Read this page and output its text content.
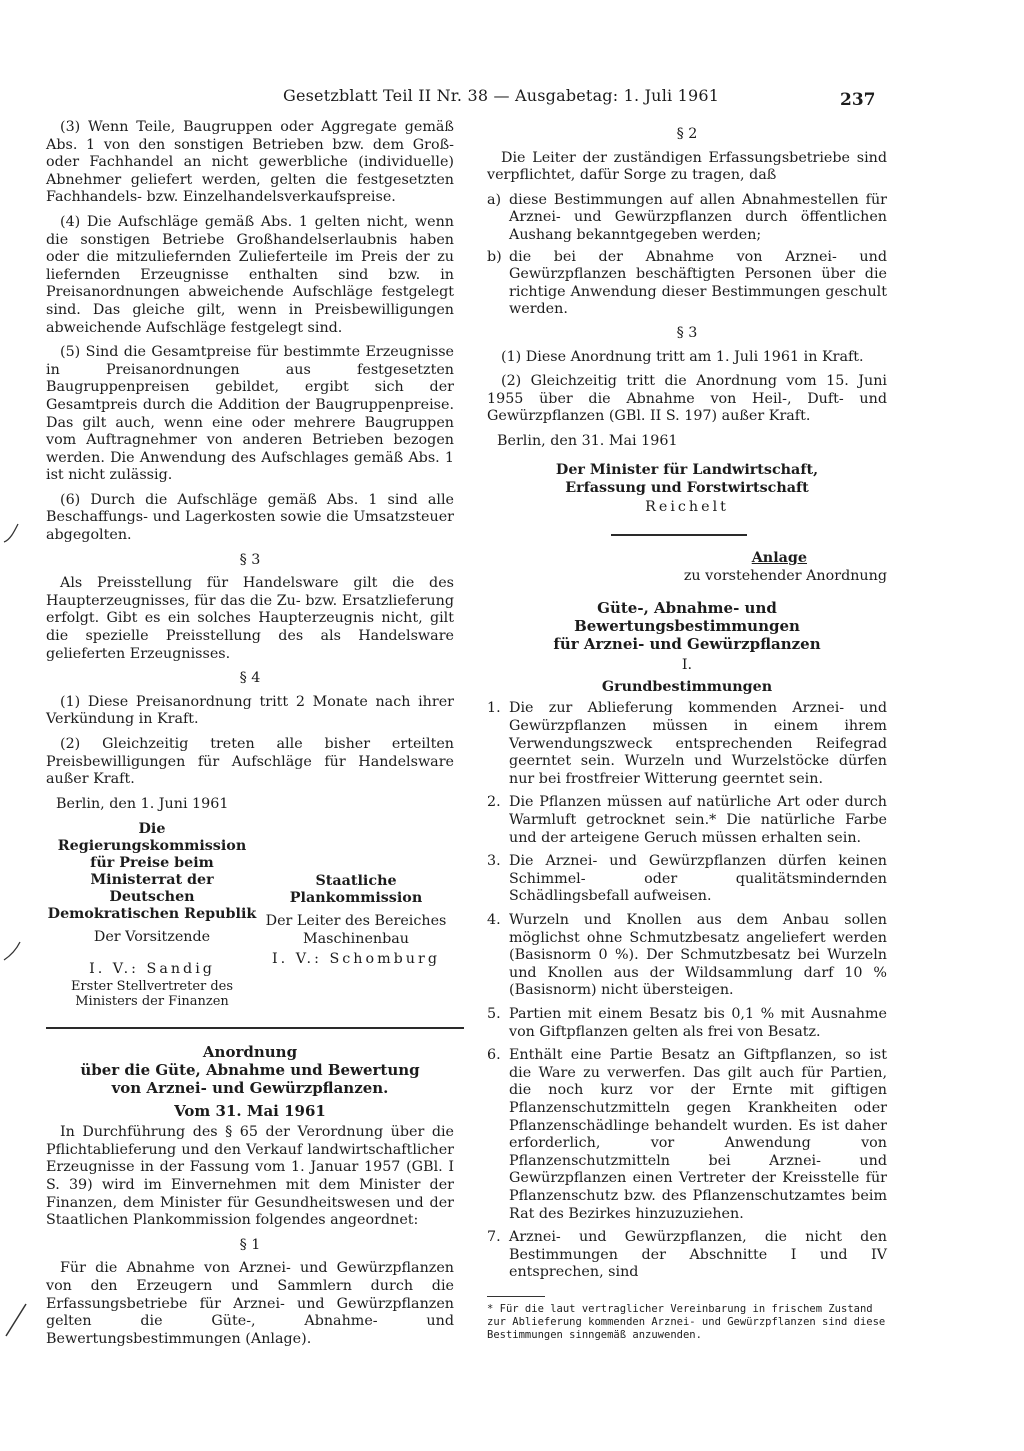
Gesetzblatt Teil II Nr. 38 — Ausgabetag: 1. Juli 1961	237

(3) Wenn Teile, Baugruppen oder Aggregate gemäß Abs. 1 von den sonstigen Betrieben bzw. dem Groß- oder Fachhandel an nicht gewerbliche (individuelle) Abnehmer geliefert werden, gelten die festgesetzten Fachhandels- bzw. Einzelhandelsverkaufspreise.

(4) Die Aufschläge gemäß Abs. 1 gelten nicht, wenn die sonstigen Betriebe Großhandelserlaubnis haben oder die mitzuliefernden Zulieferteile im Preis der zu liefernden Erzeugnisse enthalten sind bzw. in Preisanordnungen abweichende Aufschläge festgelegt sind. Das gleiche gilt, wenn in Preisbewilligungen abweichende Aufschläge festgelegt sind.

(5) Sind die Gesamtpreise für bestimmte Erzeugnisse in Preisanordnungen aus festgesetzten Baugruppenpreisen gebildet, ergibt sich der Gesamtpreis durch die Addition der Baugruppenpreise. Das gilt auch, wenn eine oder mehrere Baugruppen vom Auftragnehmer von anderen Betrieben bezogen werden. Die Anwendung des Aufschlages gemäß Abs. 1 ist nicht zulässig.

(6) Durch die Aufschläge gemäß Abs. 1 sind alle Beschaffungs- und Lagerkosten sowie die Umsatzsteuer abgegolten.

§ 3

Als Preisstellung für Handelsware gilt die des Haupterzeugnisses, für das die Zu- bzw. Ersatzlieferung erfolgt. Gibt es ein solches Haupterzeugnis nicht, gilt die spezielle Preisstellung des als Handelsware gelieferten Erzeugnisses.

§ 4

(1) Diese Preisanordnung tritt 2 Monate nach ihrer Verkündung in Kraft.

(2) Gleichzeitig treten alle bisher erteilten Preisbewilligungen für Aufschläge für Handelsware außer Kraft.

Berlin, den 1. Juni 1961

Die Regierungskommission für Preise beim Ministerrat der Deutschen Demokratischen Republik
Der Vorsitzende
I. V.: Sandig
Erster Stellvertreter des Ministers der Finanzen
Staatliche Plankommission
Der Leiter des Bereiches Maschinenbau
I. V.: Schomburg
Anordnung
über die Güte, Abnahme und Bewertung
von Arznei- und Gewürzpflanzen.
Vom 31. Mai 1961

In Durchführung des § 65 der Verordnung über die Pflichtablieferung und den Verkauf landwirtschaftlicher Erzeugnisse in der Fassung vom 1. Januar 1957 (GBl. I S. 39) wird im Einvernehmen mit dem Minister der Finanzen, dem Minister für Gesundheitswesen und der Staatlichen Plankommission folgendes angeordnet:

§ 1

Für die Abnahme von Arznei- und Gewürzpflanzen von den Erzeugern und Sammlern durch die Erfassungsbetriebe für Arznei- und Gewürzpflanzen gelten die Güte-, Abnahme- und Bewertungsbestimmungen (Anlage).

§ 2

Die Leiter der zuständigen Erfassungsbetriebe sind verpflichtet, dafür Sorge zu tragen, daß

a) diese Bestimmungen auf allen Abnahmestellen für Arznei- und Gewürzpflanzen durch öffentlichen Aushang bekanntgegeben werden;
b) die bei der Abnahme von Arznei- und Gewürzpflanzen beschäftigten Personen über die richtige Anwendung dieser Bestimmungen geschult werden.
§ 3

(1) Diese Anordnung tritt am 1. Juli 1961 in Kraft.

(2) Gleichzeitig tritt die Anordnung vom 15. Juni 1955 über die Abnahme von Heil-, Duft- und Gewürzpflanzen (GBl. II S. 197) außer Kraft.

Berlin, den 31. Mai 1961

Der Minister für Landwirtschaft,
Erfassung und Forstwirtschaft
Reichelt
Anlage
zu vorstehender Anordnung
Güte-, Abnahme- und Bewertungsbestimmungen
für Arznei- und Gewürzpflanzen
I.
Grundbestimmungen
1. Die zur Ablieferung kommenden Arznei- und Gewürzpflanzen müssen in einem ihrem Verwendungszweck entsprechenden Reifegrad geerntet sein. Wurzeln und Wurzelstöcke dürfen nur bei frostfreier Witterung geerntet sein.
2. Die Pflanzen müssen auf natürliche Art oder durch Warmluft getrocknet sein.* Die natürliche Farbe und der arteigene Geruch müssen erhalten sein.
3. Die Arznei- und Gewürzpflanzen dürfen keinen Schimmel- oder qualitätsmindernden Schädlingsbefall aufweisen.
4. Wurzeln und Knollen aus dem Anbau sollen möglichst ohne Schmutzbesatz angeliefert werden (Basisnorm 0 %). Der Schmutzbesatz bei Wurzeln und Knollen aus der Wildsammlung darf 10 % (Basisnorm) nicht übersteigen.
5. Partien mit einem Besatz bis 0,1 % mit Ausnahme von Giftpflanzen gelten als frei von Besatz.
6. Enthält eine Partie Besatz an Giftpflanzen, so ist die Ware zu verwerfen. Das gilt auch für Partien, die noch kurz vor der Ernte mit giftigen Pflanzenschutzmitteln gegen Krankheiten oder Pflanzenschädlinge behandelt wurden. Es ist daher erforderlich, vor Anwendung von Pflanzenschutzmitteln bei Arznei- und Gewürzpflanzen einen Vertreter der Kreisstelle für Pflanzenschutz bzw. des Pflanzenschutzamtes beim Rat des Bezirkes hinzuzuziehen.
7. Arznei- und Gewürzpflanzen, die nicht den Bestimmungen der Abschnitte I und IV entsprechen, sind
* Für die laut vertraglicher Vereinbarung in frischem Zustand zur Ablieferung kommenden Arznei- und Gewürzpflanzen sind diese Bestimmungen sinngemäß anzuwenden.
